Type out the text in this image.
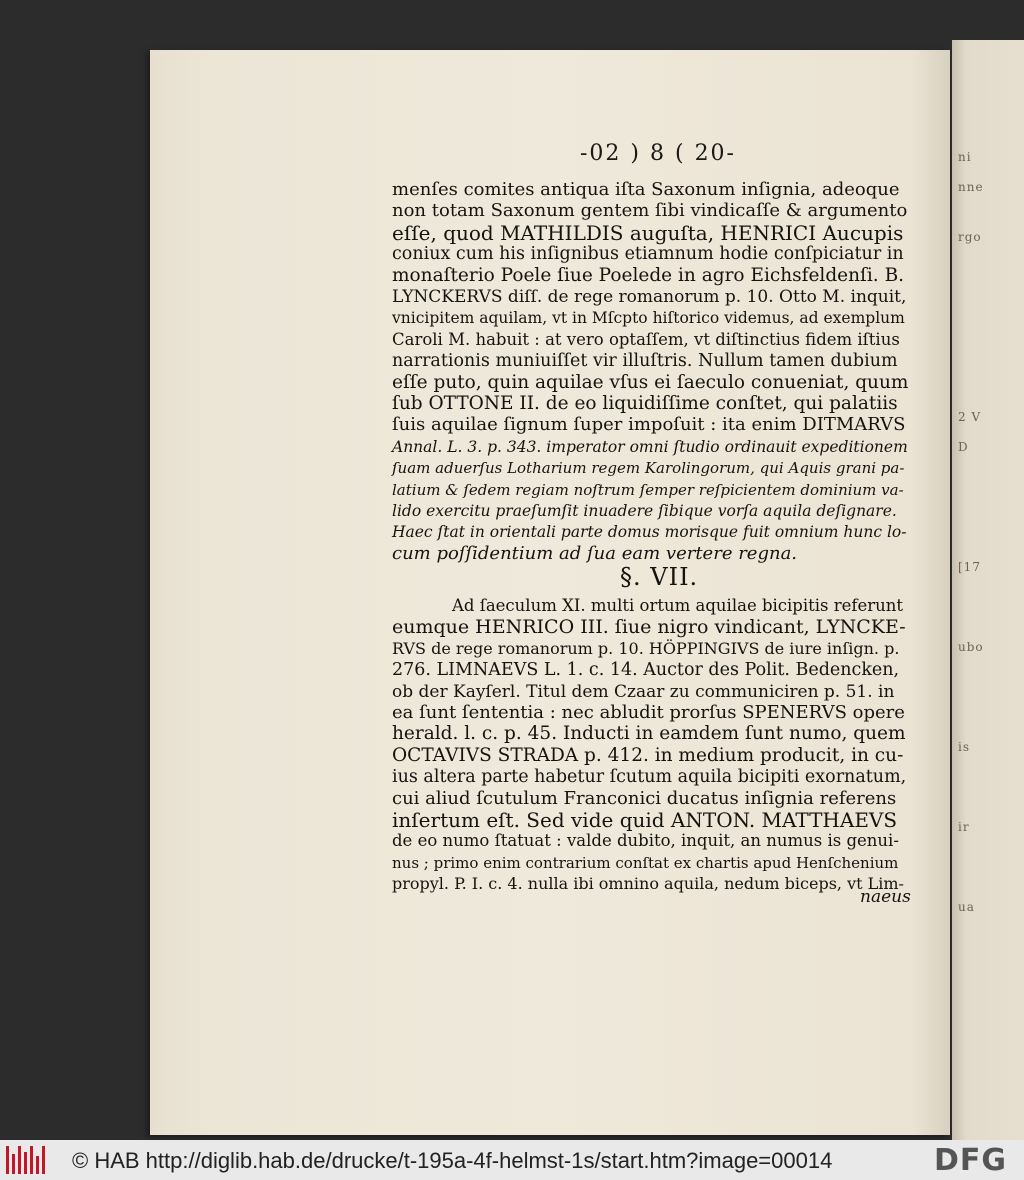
ni
nne
rgo
2 V
D
[17
ubo
is
ir
ua
-02 ) 8 ( 20-
menſes comites antiqua iſta Saxonum inſignia, adeoque
non totam Saxonum gentem ſibi vindicaſſe & argumento
eſſe, quod MATHILDIS auguſta, HENRICI Aucupis
coniux cum his inſignibus etiamnum hodie conſpiciatur in
monaſterio Poele ſiue Poelede in agro Eichsfeldenſi. B.
LYNCKERVS diſſ. de rege romanorum p. 10. Otto M. inquit,
vnicipitem aquilam, vt in Mſcpto hiſtorico videmus, ad exemplum
Caroli M. habuit : at vero optaſſem, vt diſtinctius fidem iſtius
narrationis muniuiſſet vir illuſtris. Nullum tamen dubium
eſſe puto, quin aquilae vſus ei ſaeculo conueniat, quum
ſub OTTONE II. de eo liquidiſſime conſtet, qui palatiis
ſuis aquilae ſignum ſuper impoſuit : ita enim DITMARVS
Annal. L. 3. p. 343. imperator omni ſtudio ordinauit expeditionem
ſuam aduerſus Lotharium regem Karolingorum, qui Aquis grani pa-
latium & ſedem regiam noſtrum ſemper reſpicientem dominium va-
lido exercitu praeſumſit inuadere ſibique vorſa aquila deſignare.
Haec ſtat in orientali parte domus morisque fuit omnium hunc lo-
cum poſſidentium ad ſua eam vertere regna.
§. VII.
Ad ſaeculum XI. multi ortum aquilae bicipitis referunt
eumque HENRICO III. ſiue nigro vindicant, LYNCKE-
RVS de rege romanorum p. 10. HÖPPINGIVS de iure inſign. p.
276. LIMNAEVS L. 1. c. 14. Auctor des Polit. Bedencken,
ob der Kayſerl. Titul dem Czaar zu communiciren p. 51. in
ea ſunt ſententia : nec abludit prorſus SPENERVS opere
herald. l. c. p. 45. Inducti in eamdem ſunt numo, quem
OCTAVIVS STRADA p. 412. in medium producit, in cu-
ius altera parte habetur ſcutum aquila bicipiti exornatum,
cui aliud ſcutulum Franconici ducatus inſignia referens
inſertum eſt. Sed vide quid ANTON. MATTHAEVS
de eo numo ſtatuat : valde dubito, inquit, an numus is genui-
nus ; primo enim contrarium conſtat ex chartis apud Henſchenium
propyl. P. I. c. 4. nulla ibi omnino aquila, nedum biceps, vt Lim-
naeus
© HAB http://diglib.hab.de/drucke/t-195a-4f-helmst-1s/start.htm?image=00014	DFG
